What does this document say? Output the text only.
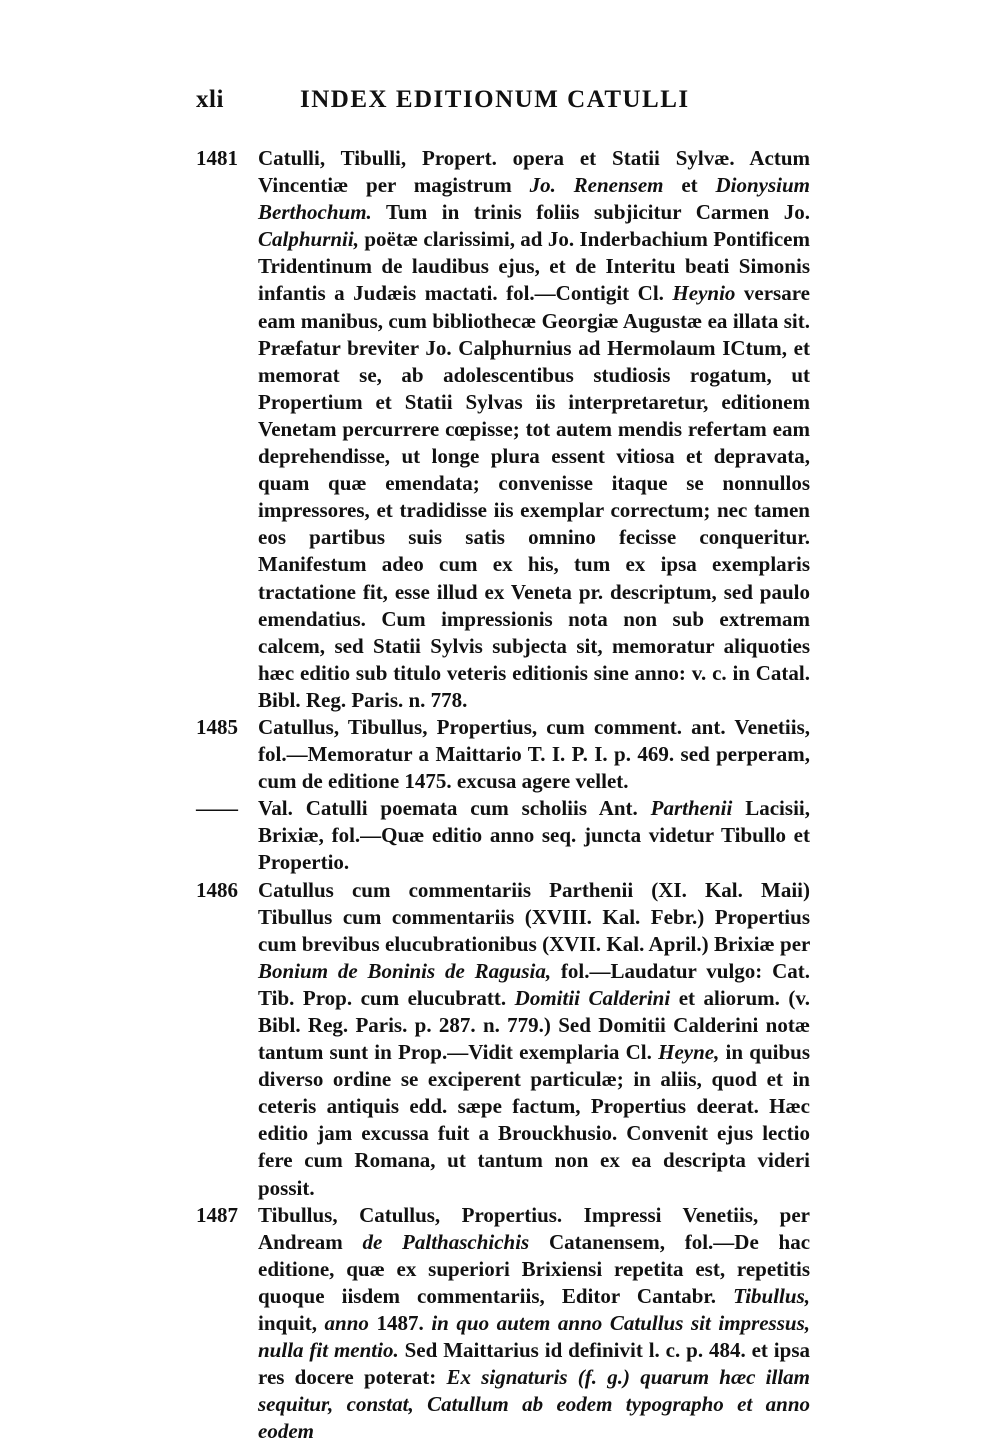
xli	INDEX EDITIONUM CATULLI
1481 Catulli, Tibulli, Propert. opera et Statii Sylvæ. Actum Vincentiæ per magistrum Jo. Renensem et Dionysium Berthochum. Tum in trinis foliis subjicitur Carmen Jo. Calphurnii, poëtæ clarissimi, ad Jo. Inderbachium Pontificem Tridentinum de laudibus ejus, et de Interitu beati Simonis infantis a Judæis mactati. fol.—Contigit Cl. Heynio versare eam manibus, cum bibliothecæ Georgiæ Augustæ ea illata sit. Præfatur breviter Jo. Calphurnius ad Hermolaum ICtum, et memorat se, ab adolescentibus studiosis rogatum, ut Propertium et Statii Sylvas iis interpretaretur, editionem Venetam percurrere cœpisse; tot autem mendis refertam eam deprehendisse, ut longe plura essent vitiosa et depravata, quam quæ emendata; convenisse itaque se nonnullos impressores, et tradidisse iis exemplar correctum; nec tamen eos partibus suis satis omnino fecisse conqueritur. Manifestum adeo cum ex his, tum ex ipsa exemplaris tractatione fit, esse illud ex Veneta pr. descriptum, sed paulo emendatius. Cum impressionis nota non sub extremam calcem, sed Statii Sylvis subjecta sit, memoratur aliquoties hæc editio sub titulo veteris editionis sine anno: v. c. in Catal. Bibl. Reg. Paris. n. 778.
1485 Catullus, Tibullus, Propertius, cum comment. ant. Venetiis, fol.—Memoratur a Maittario T. I. P. I. p. 469. sed perperam, cum de editione 1475. excusa agere vellet.
—— Val. Catulli poemata cum scholiis Ant. Parthenii Lacisii, Brixiæ, fol.—Quæ editio anno seq. juncta videtur Tibullo et Propertio.
1486 Catullus cum commentariis Parthenii (XI. Kal. Maii) Tibullus cum commentariis (XVIII. Kal. Febr.) Propertius cum brevibus elucubrationibus (XVII. Kal. April.) Brixiæ per Bonium de Boninis de Ragusia, fol.—Laudatur vulgo: Cat. Tib. Prop. cum elucubratt. Domitii Calderini et aliorum. (v. Bibl. Reg. Paris. p. 287. n. 779.) Sed Domitii Calderini notæ tantum sunt in Prop.—Vidit exemplaria Cl. Heyne, in quibus diverso ordine se exciperent particulæ; in aliis, quod et in ceteris antiquis edd. sæpe factum, Propertius deerat. Hæc editio jam excussa fuit a Brouckhusio. Convenit ejus lectio fere cum Romana, ut tantum non ex ea descripta videri possit.
1487 Tibullus, Catullus, Propertius. Impressi Venetiis, per Andream de Palthaschichis Catanensem, fol.—De hac editione, quæ ex superiori Brixiensi repetita est, repetitis quoque iisdem commentariis, Editor Cantabr. Tibullus, inquit, anno 1487. in quo autem anno Catullus sit impressus, nulla fit mentio. Sed Maittarius id definivit l. c. p. 484. et ipsa res docere poterat: Ex signaturis (f. g.) quarum hæc illam sequitur, constat, Catullum ab eodem typographo et anno eodem
